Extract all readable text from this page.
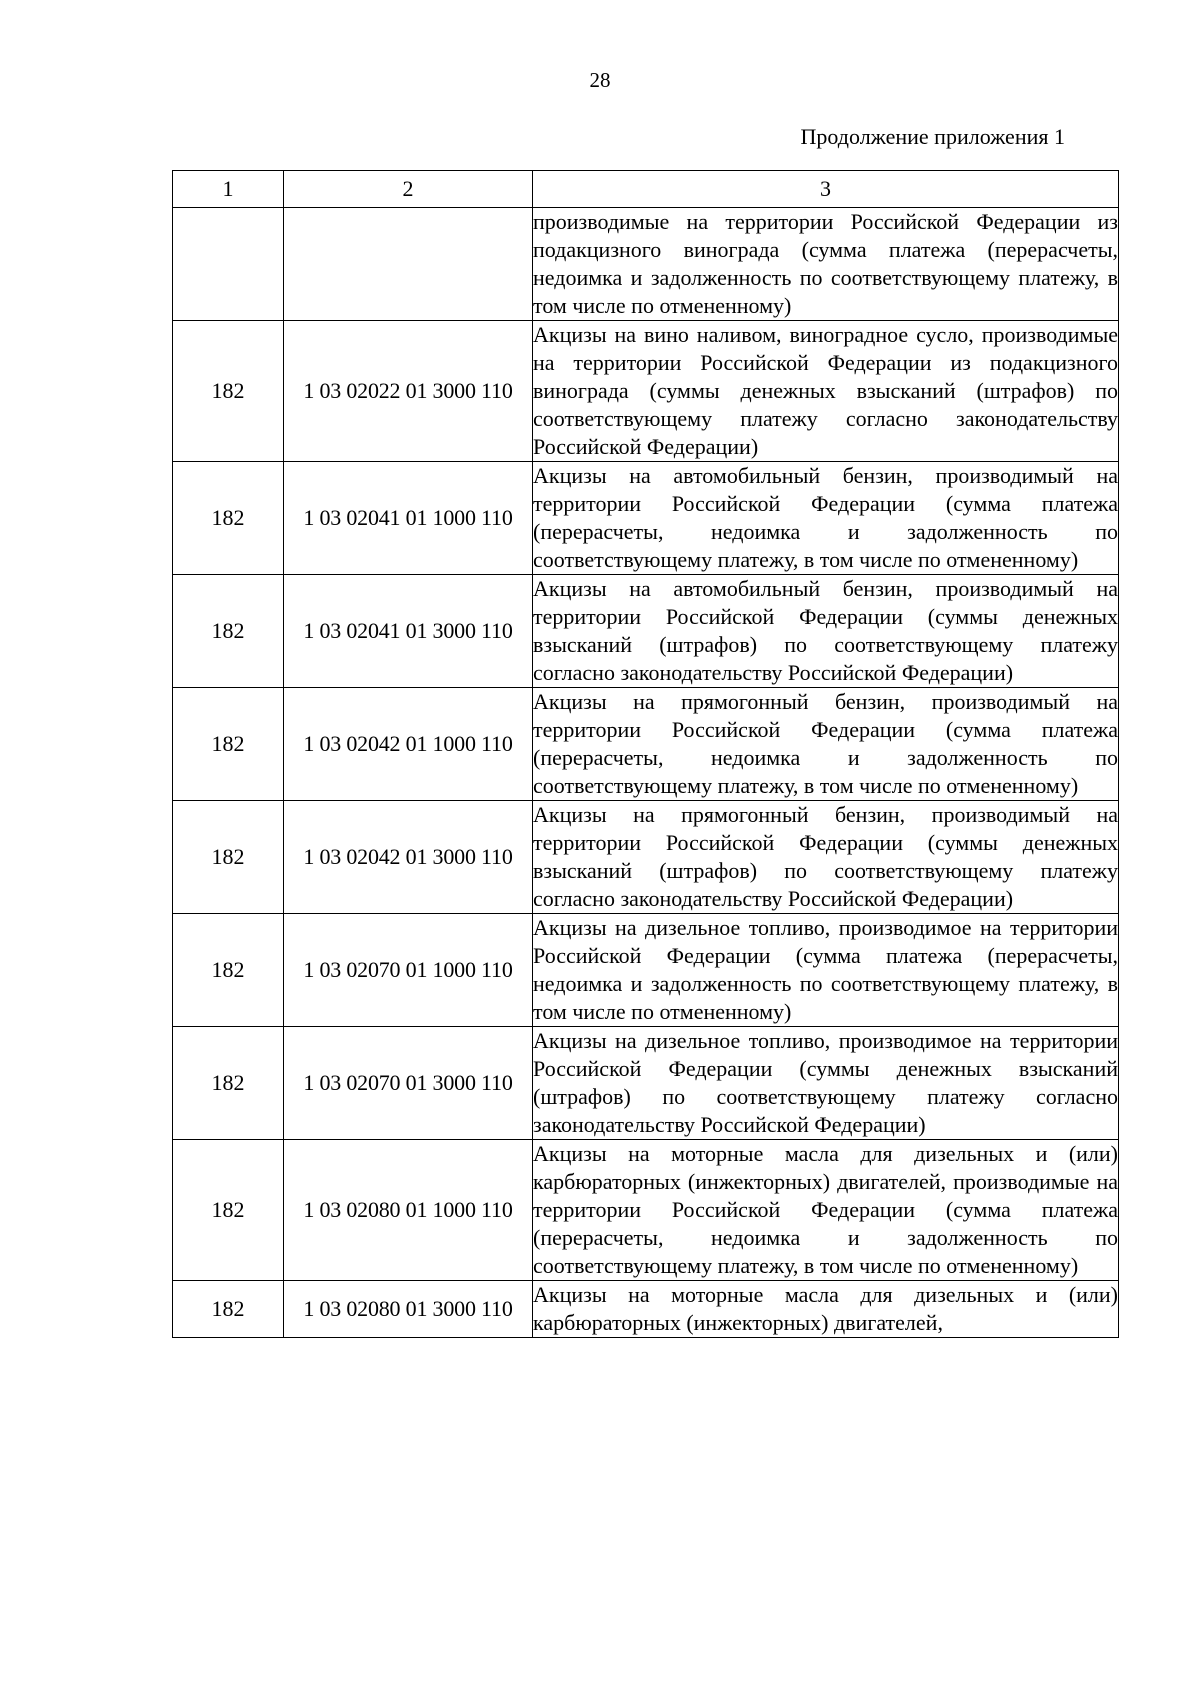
28
Продолжение приложения 1
1	2	3
		производимые на территории Российской Федерации из подакцизного винограда (сумма платежа (перерасчеты, недоимка и задолженность по соответствующему платежу, в том числе по отмененному)
182	1 03 02022 01 3000 110	Акцизы на вино наливом, виноградное сусло, производимые на территории Российской Федерации из подакцизного винограда (суммы денежных взысканий (штрафов) по соответствующему платежу согласно законодательству Российской Федерации)
182	1 03 02041 01 1000 110	Акцизы на автомобильный бензин, производимый на территории Российской Федерации (сумма платежа (перерасчеты, недоимка и задолженность по соответствующему платежу, в том числе по отмененному)
182	1 03 02041 01 3000 110	Акцизы на автомобильный бензин, производимый на территории Российской Федерации (суммы денежных взысканий (штрафов) по соответствующему платежу согласно законодательству Российской Федерации)
182	1 03 02042 01 1000 110	Акцизы на прямогонный бензин, производимый на территории Российской Федерации (сумма платежа (перерасчеты, недоимка и задолженность по соответствующему платежу, в том числе по отмененному)
182	1 03 02042 01 3000 110	Акцизы на прямогонный бензин, производимый на территории Российской Федерации (суммы денежных взысканий (штрафов) по соответствующему платежу согласно законодательству Российской Федерации)
182	1 03 02070 01 1000 110	Акцизы на дизельное топливо, производимое на территории Российской Федерации (сумма платежа (перерасчеты, недоимка и задолженность по соответствующему платежу, в том числе по отмененному)
182	1 03 02070 01 3000 110	Акцизы на дизельное топливо, производимое на территории Российской Федерации (суммы денежных взысканий (штрафов) по соответствующему платежу согласно законодательству Российской Федерации)
182	1 03 02080 01 1000 110	Акцизы на моторные масла для дизельных и (или) карбюраторных (инжекторных) двигателей, производимые на территории Российской Федерации (сумма платежа (перерасчеты, недоимка и задолженность по соответствующему платежу, в том числе по отмененному)
182	1 03 02080 01 3000 110	Акцизы на моторные масла для дизельных и (или) карбюраторных (инжекторных) двигателей,
